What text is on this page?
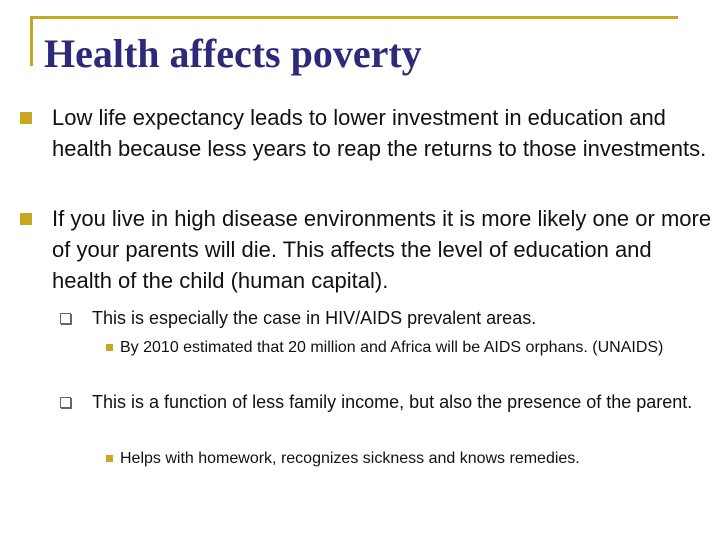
Health affects poverty
Low life expectancy leads to lower investment in education and health because less years to reap the returns to those investments.
If you live in high disease environments it is more likely one or more of your parents will die. This affects the level of education and health of the child (human capital).
This is especially the case in HIV/AIDS prevalent areas.
By 2010 estimated that 20 million and Africa will be AIDS orphans. (UNAIDS)
This is a function of less family income, but also the presence of the parent.
Helps with homework, recognizes sickness and knows remedies.
